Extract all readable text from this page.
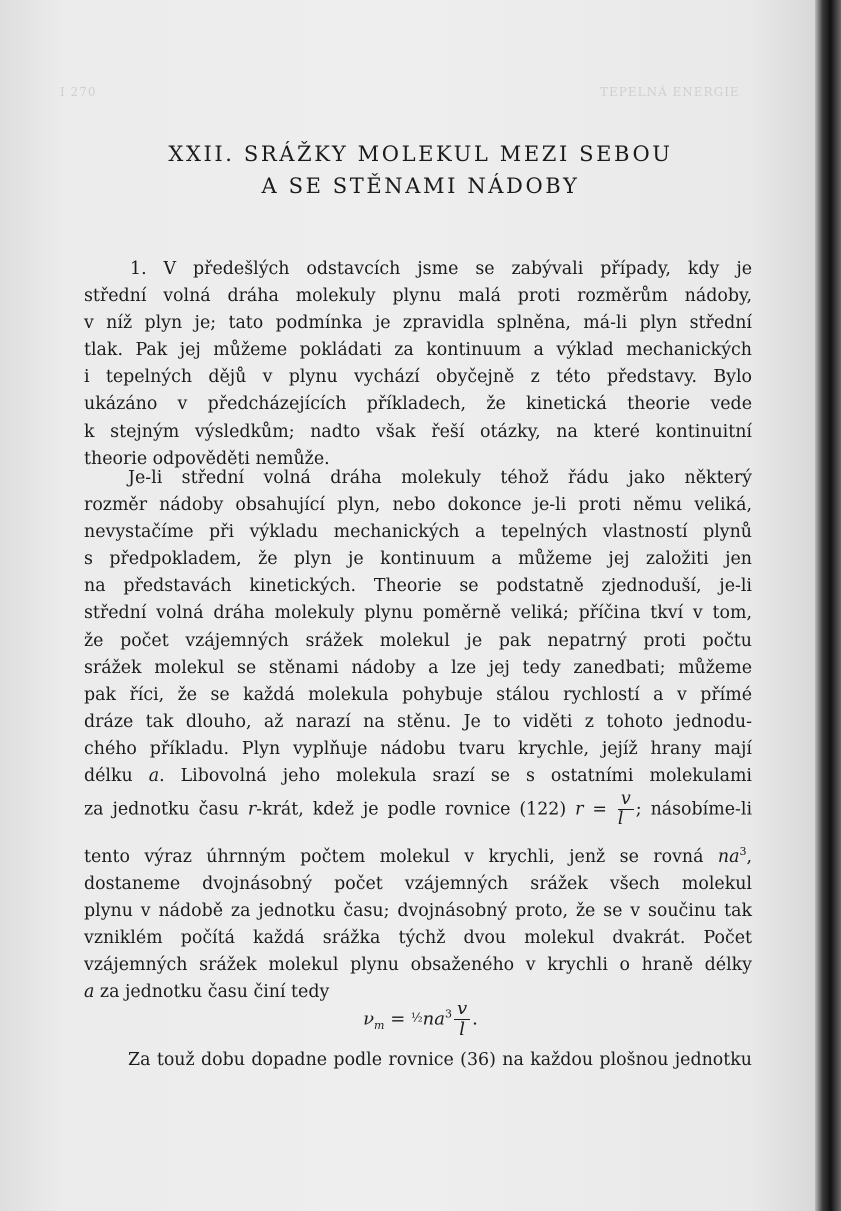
I 270	TEPELNÁ ENERGIE
XXII. SRÁŽKY MOLEKUL MEZI SEBOU
A SE STĚNAMI NÁDOBY
1. V předešlých odstavcích jsme se zabývali případy, kdy je
střední volná dráha molekuly plynu malá proti rozměrům nádoby,
v níž plyn je; tato podmínka je zpravidla splněna, má-li plyn střední
tlak. Pak jej můžeme pokládati za kontinuum a výklad mechanických
i tepelných dějů v plynu vychází obyčejně z této představy. Bylo
ukázáno v předcházejících příkladech, že kinetická theorie vede
k stejným výsledkům; nadto však řeší otázky, na které kontinuitní
theorie odpověděti nemůže.
Je-li střední volná dráha molekuly téhož řádu jako některý
rozměr nádoby obsahující plyn, nebo dokonce je-li proti němu veliká,
nevystačíme při výkladu mechanických a tepelných vlastností plynů
s předpokladem, že plyn je kontinuum a můžeme jej založiti jen
na představách kinetických. Theorie se podstatně zjednoduší, je-li
střední volná dráha molekuly plynu poměrně veliká; příčina tkví v tom,
že počet vzájemných srážek molekul je pak nepatrný proti počtu
srážek molekul se stěnami nádoby a lze jej tedy zanedbati; můžeme
pak říci, že se každá molekula pohybuje stálou rychlostí a v přímé
dráze tak dlouho, až narazí na stěnu. Je to viděti z tohoto jednodu-
chého příkladu. Plyn vyplňuje nádobu tvaru krychle, jejíž hrany mají
délku a. Libovolná jeho molekula srazí se s ostatními molekulami
za jednotku času r-krát, kdež je podle rovnice (122) $r = \frac{v}{l}$ ; násobíme-li
tento výraz úhrnným počtem molekul v krychli, jenž se rovná $na^3$,
dostaneme dvojnásobný počet vzájemných srážek všech molekul
plynu v nádobě za jednotku času; dvojnásobný proto, že se v součinu tak
vzniklém počítá každá srážka týchž dvou molekul dvakrát. Počet
vzájemných srážek molekul plynu obsaženého v krychli o hraně délky
a za jednotku času činí tedy
$\nu_m$ = $\frac{1}{2}na^3 \frac{v}{l}$ .
Za touž dobu dopadne podle rovnice (36) na každou plošnou jednotku
